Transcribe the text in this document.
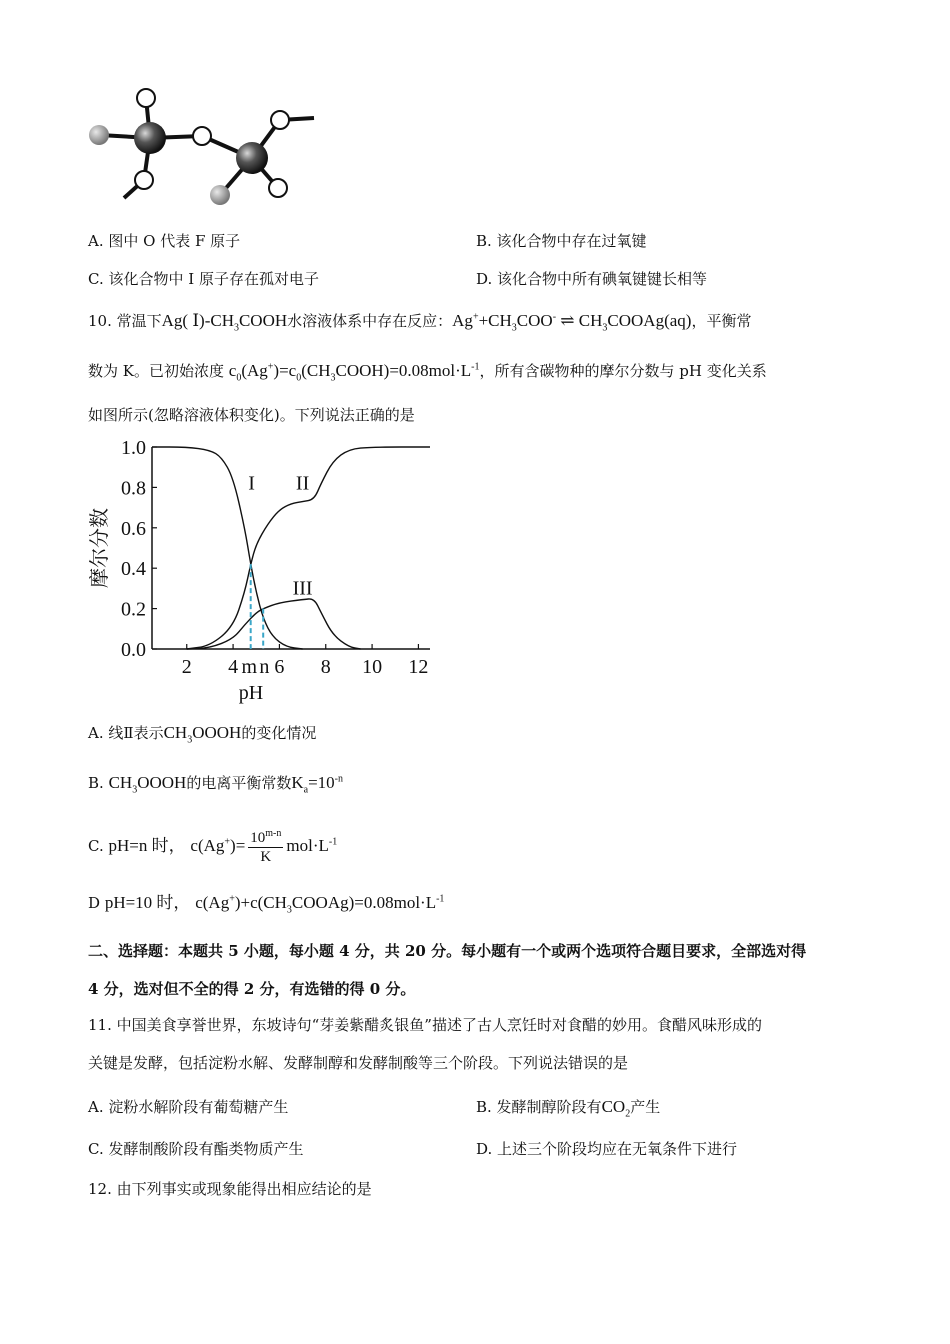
A. 图中 O 代表 F 原子	B. 该化合物中存在过氧键
C. 该化合物中 I 原子存在孤对电子	D. 该化合物中所有碘氧键键长相等
10. 常温下Ag( $Ⅰ)-CH_3COOH$水溶液体系中存在反应：$Ag^++CH_3COO^-$ ⇌ $CH_3COOAg(aq)$，平衡常
数为 K。已初始浓度 $c_0(Ag^+)=c_0(CH_3COOH)=0.08mol\cdot L^{-1}$，所有含碳物种的摩尔分数与 pH 变化关系
如图所示(忽略溶液体积变化)。下列说法正确的是
0.0
0.2
0.4
0.6
0.8
1.0
2 4 6 8 10 12
pH
摩尔分数
I II
III
m n
A. 线Ⅱ表示$CH_3OOOH$的变化情况
B. $CH_3OOOH$的电离平衡常数$K_a=10^{-n}$
C. pH=n 时， $c(Ag^+)= \frac{10^{m-n}}{K} mol\cdot L^{-1}$
D pH=10 时， $c(Ag^+)+c(CH_3COOAg)=0.08mol\cdot L^{-1}$
二、选择题：本题共 5 小题，每小题 4 分，共 20 分。每小题有一个或两个选项符合题目要求，全部选对得
4 分，选对但不全的得 2 分，有选错的得 0 分。
11. 中国美食享誉世界，东坡诗句“芽姜紫醋炙银鱼”描述了古人烹饪时对食醋的妙用。食醋风味形成的
关键是发酵，包括淀粉水解、发酵制醇和发酵制酸等三个阶段。下列说法错误的是
A. 淀粉水解阶段有葡萄糖产生	B. 发酵制醇阶段有$CO_2$产生
C. 发酵制酸阶段有酯类物质产生	D. 上述三个阶段均应在无氧条件下进行
12. 由下列事实或现象能得出相应结论的是
